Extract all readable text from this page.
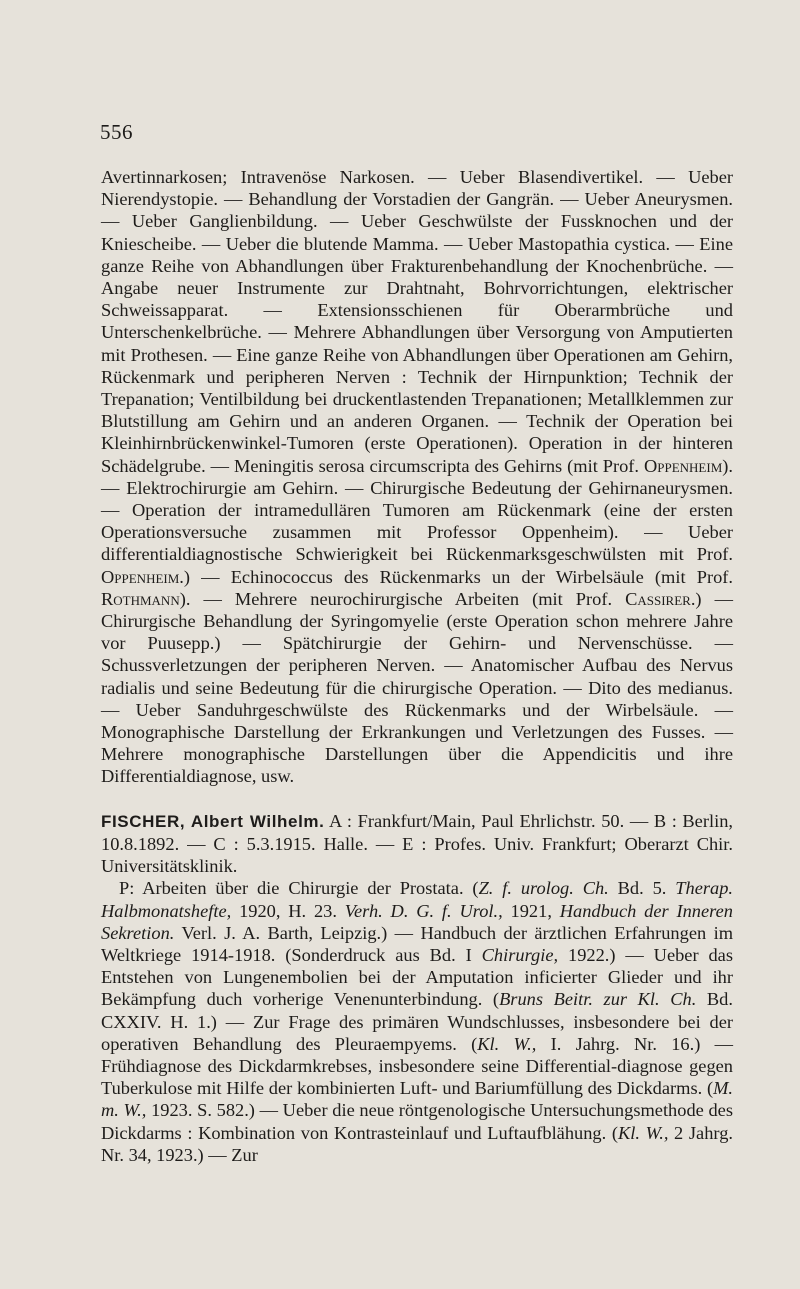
556

Avertinnarkosen; Intravenöse Narkosen. — Ueber Blasendivertikel. — Ueber Nierendystopie. — Behandlung der Vorstadien der Gangrän. — Ueber Aneurysmen. — Ueber Ganglienbildung. — Ueber Geschwülste der Fussknochen und der Kniescheibe. — Ueber die blutende Mamma. — Ueber Mastopathia cystica. — Eine ganze Reihe von Abhandlungen über Frakturenbehandlung der Knochenbrüche. — Angabe neuer Instrumente zur Drahtnaht, Bohrvorrichtungen, elektrischer Schweissapparat. — Extensionsschienen für Oberarmbrüche und Unterschenkelbrüche. — Mehrere Abhandlungen über Versorgung von Amputierten mit Prothesen. — Eine ganze Reihe von Abhandlungen über Operationen am Gehirn, Rückenmark und peripheren Nerven : Technik der Hirnpunktion; Technik der Trepanation; Ventilbildung bei druckentlastenden Trepanationen; Metallklemmen zur Blutstillung am Gehirn und an anderen Organen. — Technik der Operation bei Kleinhirnbrückenwinkel-Tumoren (erste Operationen). Operation in der hinteren Schädelgrube. — Meningitis serosa circumscripta des Gehirns (mit Prof. Oppenheim). — Elektrochirurgie am Gehirn. — Chirurgische Bedeutung der Gehirnaneurysmen. — Operation der intramedullären Tumoren am Rückenmark (eine der ersten Operationsversuche zusammen mit Professor Oppenheim). — Ueber differentialdiagnostische Schwierigkeit bei Rückenmarksgeschwülsten mit Prof. Oppenheim.) — Echinococcus des Rückenmarks un der Wirbelsäule (mit Prof. Rothmann). — Mehrere neurochirurgische Arbeiten (mit Prof. Cassirer.) — Chirurgische Behandlung der Syringomyelie (erste Operation schon mehrere Jahre vor Puusepp.) — Spätchirurgie der Gehirn- und Nervenschüsse. — Schussverletzungen der peripheren Nerven. — Anatomischer Aufbau des Nervus radialis und seine Bedeutung für die chirurgische Operation. — Dito des medianus. — Ueber Sanduhrgeschwülste des Rückenmarks und der Wirbelsäule. — Monographische Darstellung der Erkrankungen und Verletzungen des Fusses. — Mehrere monographische Darstellungen über die Appendicitis und ihre Differentialdiagnose, usw.

FISCHER, Albert Wilhelm. A : Frankfurt/Main, Paul Ehrlichstr. 50. — B : Berlin, 10.8.1892. — C : 5.3.1915. Halle. — E : Profes. Univ. Frankfurt; Oberarzt Chir. Universitätsklinik.

P: Arbeiten über die Chirurgie der Prostata. (Z. f. urolog. Ch. Bd. 5. Therap. Halbmonatshefte, 1920, H. 23. Verh. D. G. f. Urol., 1921, Handbuch der Inneren Sekretion. Verl. J. A. Barth, Leipzig.) — Handbuch der ärztlichen Erfahrungen im Weltkriege 1914-1918. (Sonderdruck aus Bd. I Chirurgie, 1922.) — Ueber das Entstehen von Lungenembolien bei der Amputation inficierter Glieder und ihr Bekämpfung duch vorherige Venenunterbindung. (Bruns Beitr. zur Kl. Ch. Bd. CXXIV. H. 1.) — Zur Frage des primären Wundschlusses, insbesondere bei der operativen Behandlung des Pleuraempyems. (Kl. W., I. Jahrg. Nr. 16.) — Frühdiagnose des Dickdarmkrebses, insbesondere seine Differential-diagnose gegen Tuberkulose mit Hilfe der kombinierten Luft- und Bariumfüllung des Dickdarms. (M. m. W., 1923. S. 582.) — Ueber die neue röntgenologische Untersuchungsmethode des Dickdarms : Kombination von Kontrasteinlauf und Luftaufblähung. (Kl. W., 2 Jahrg. Nr. 34, 1923.) — Zur
